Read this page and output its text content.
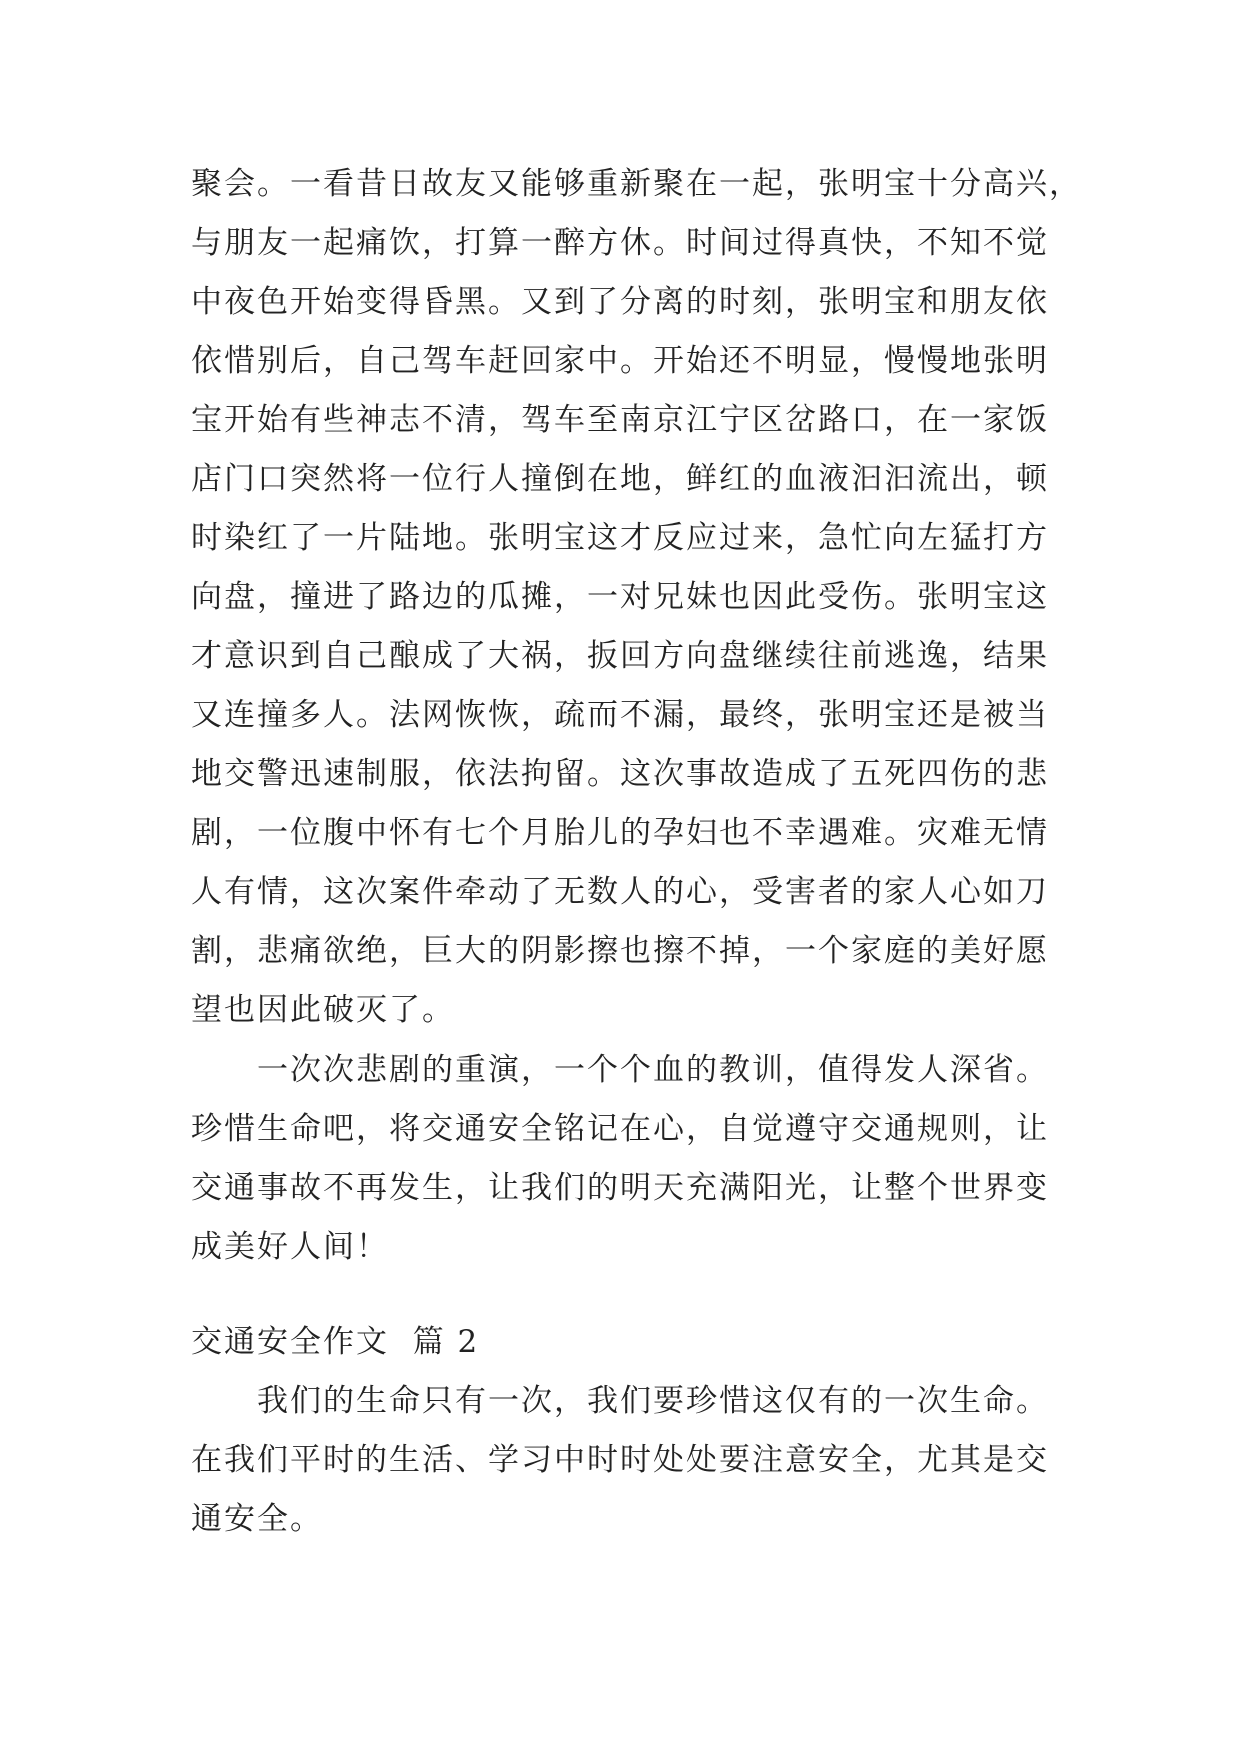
聚会。一看昔日故友又能够重新聚在一起，张明宝十分高兴，
与朋友一起痛饮，打算一醉方休。时间过得真快，不知不觉
中夜色开始变得昏黑。又到了分离的时刻，张明宝和朋友依
依惜别后，自己驾车赶回家中。开始还不明显，慢慢地张明
宝开始有些神志不清，驾车至南京江宁区岔路口，在一家饭
店门口突然将一位行人撞倒在地，鲜红的血液汩汩流出，顿
时染红了一片陆地。张明宝这才反应过来，急忙向左猛打方
向盘，撞进了路边的瓜摊，一对兄妹也因此受伤。张明宝这
才意识到自己酿成了大祸，扳回方向盘继续往前逃逸，结果
又连撞多人。法网恢恢，疏而不漏，最终，张明宝还是被当
地交警迅速制服，依法拘留。这次事故造成了五死四伤的悲
剧，一位腹中怀有七个月胎儿的孕妇也不幸遇难。灾难无情
人有情，这次案件牵动了无数人的心，受害者的家人心如刀
割，悲痛欲绝，巨大的阴影擦也擦不掉，一个家庭的美好愿
望也因此破灭了。
一次次悲剧的重演，一个个血的教训，值得发人深省。
珍惜生命吧，将交通安全铭记在心，自觉遵守交通规则，让
交通事故不再发生，让我们的明天充满阳光，让整个世界变
成美好人间！
交通安全作文  篇 2
我们的生命只有一次，我们要珍惜这仅有的一次生命。
在我们平时的生活、学习中时时处处要注意安全，尤其是交
通安全。
